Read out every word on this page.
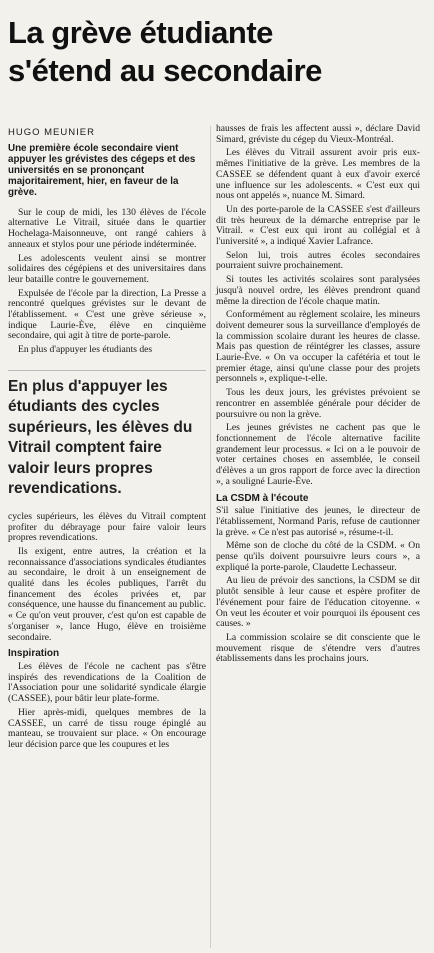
La grève étudiante
s'étend au secondaire
HUGO MEUNIER
Une première école secondaire vient appuyer les grévistes des cégeps et des universités en se prononçant majoritairement, hier, en faveur de la grève.

Sur le coup de midi, les 130 élèves de l'école alternative Le Vitrail, située dans le quartier Hochelaga-Maisonneuve, ont rangé cahiers à anneaux et stylos pour une période indéterminée.

Les adolescents veulent ainsi se montrer solidaires des cégépiens et des universitaires dans leur bataille contre le gouvernement.

Expulsée de l'école par la direction, La Presse a rencontré quelques grévistes sur le devant de l'établissement. « C'est une grève sérieuse », indique Laurie-Ève, élève en cinquième secondaire, qui agit à titre de porte-parole.

En plus d'appuyer les étudiants des

En plus d'appuyer les étudiants des cycles supérieurs, les élèves du Vitrail comptent faire valoir leurs propres revendications.

cycles supérieurs, les élèves du Vitrail comptent profiter du débrayage pour faire valoir leurs propres revendications.

Ils exigent, entre autres, la création et la reconnaissance d'associations syndicales étudiantes au secondaire, le droit à un enseignement de qualité dans les écoles publiques, l'arrêt du financement des écoles privées et, par conséquence, une hausse du financement au public. « Ce qu'on veut prouver, c'est qu'on est capable de s'organiser », lance Hugo, élève en troisième secondaire.

Inspiration

Les élèves de l'école ne cachent pas s'être inspirés des revendications de la Coalition de l'Association pour une solidarité syndicale élargie (CASSEE), pour bâtir leur plate-forme.

Hier après-midi, quelques membres de la CASSEE, un carré de tissu rouge épinglé au manteau, se trouvaient sur place. « On encourage leur décision parce que les coupures et les

hausses de frais les affectent aussi », déclare David Simard, gréviste du cégep du Vieux-Montréal.

Les élèves du Vitrail assurent avoir pris eux-mêmes l'initiative de la grève. Les membres de la CASSEE se défendent quant à eux d'avoir exercé une influence sur les adolescents. « C'est eux qui nous ont appelés », nuance M. Simard.

Un des porte-parole de la CASSEE s'est d'ailleurs dit très heureux de la démarche entreprise par le Vitrail. « C'est eux qui iront au collégial et à l'université », a indiqué Xavier Lafrance.

Selon lui, trois autres écoles secondaires pourraient suivre prochainement.

Si toutes les activités scolaires sont paralysées jusqu'à nouvel ordre, les élèves prendront quand même la direction de l'école chaque matin.

Conformément au règlement scolaire, les mineurs doivent demeurer sous la surveillance d'employés de la commission scolaire durant les heures de classe. Mais pas question de réintégrer les classes, assure Laurie-Ève. « On va occuper la cafétéria et tout le premier étage, ainsi qu'une classe pour des projets personnels », explique-t-elle.

Tous les deux jours, les grévistes prévoient se rencontrer en assemblée générale pour décider de poursuivre ou non la grève.

Les jeunes grévistes ne cachent pas que le fonctionnement de l'école alternative facilite grandement leur processus. « Ici on a le pouvoir de voter certaines choses en assemblée, le conseil d'élèves a un gros rapport de force avec la direction », a souligné Laurie-Ève.

La CSDM à l'écoute

S'il salue l'initiative des jeunes, le directeur de l'établissement, Normand Paris, refuse de cautionner la grève. « Ce n'est pas autorisé », résume-t-il.

Même son de cloche du côté de la CSDM. « On pense qu'ils doivent poursuivre leurs cours », a expliqué la porte-parole, Claudette Lechasseur.

Au lieu de prévoir des sanctions, la CSDM se dit plutôt sensible à leur cause et espère profiter de l'événement pour faire de l'éducation citoyenne. « On veut les écouter et voir pourquoi ils épousent ces causes. »

La commission scolaire se dit consciente que le mouvement risque de s'étendre vers d'autres établissements dans les prochains jours.
